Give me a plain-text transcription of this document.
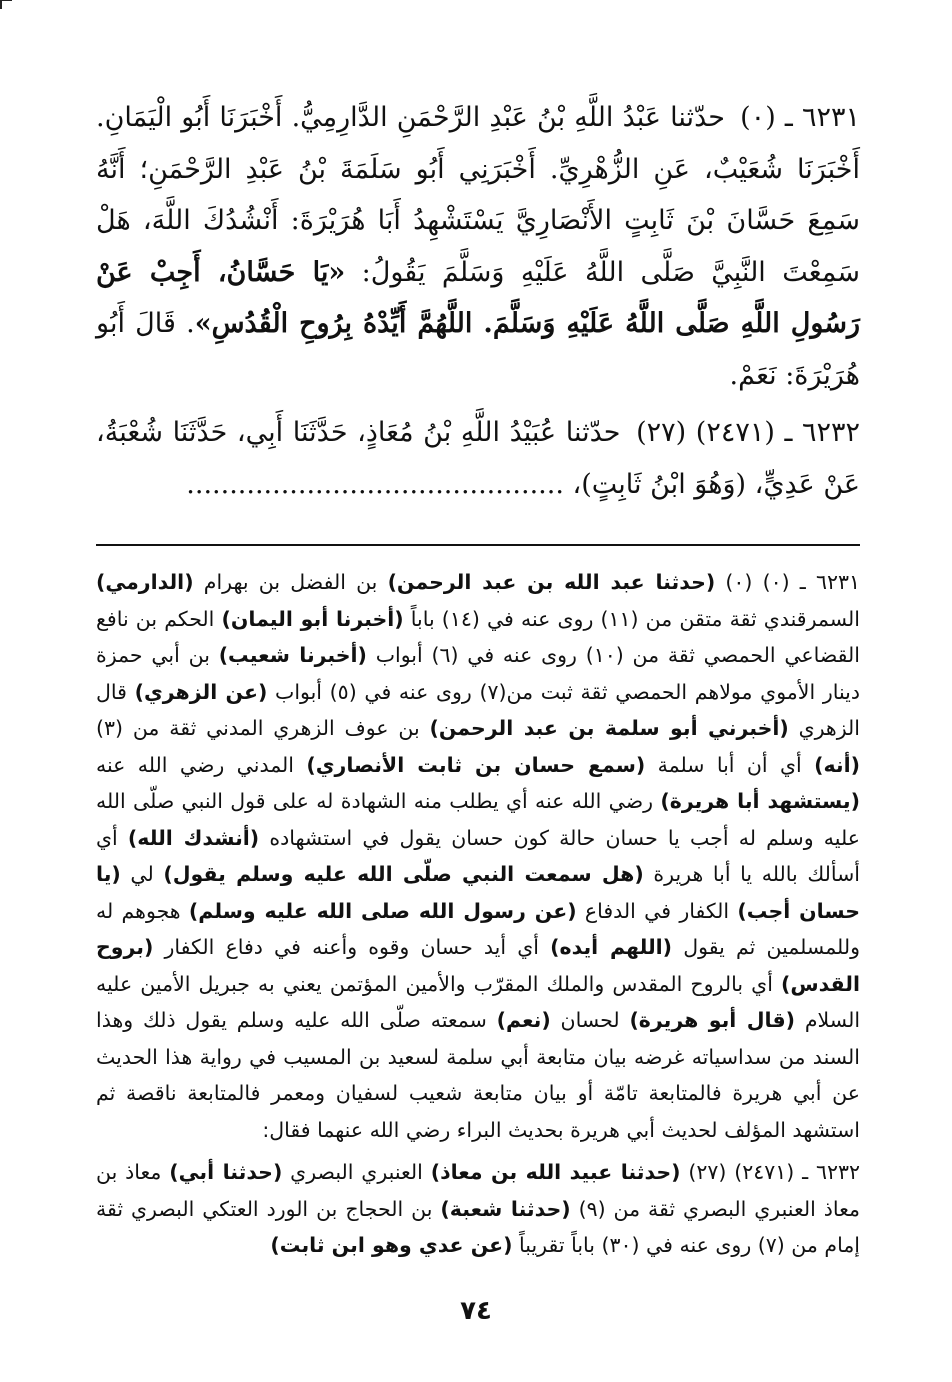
٦٢٣١ ـ (٠) حدّثنا عَبْدُ اللَّهِ بْنُ عَبْدِ الرَّحْمَنِ الدَّارِمِيُّ. أَخْبَرَنَا أَبُو الْيَمَانِ. أَخْبَرَنَا شُعَيْبٌ، عَنِ الزُّهْرِيِّ. أَخْبَرَنِي أَبُو سَلَمَةَ بْنُ عَبْدِ الرَّحْمَنِ؛ أَنَّهُ سَمِعَ حَسَّانَ بْنَ ثَابِتٍ الأَنْصَارِيَّ يَسْتَشْهِدُ أَبَا هُرَيْرَةَ: أَنْشُدُكَ اللَّهَ، هَلْ سَمِعْتَ النَّبِيَّ صَلَّى اللَّهُ عَلَيْهِ وَسَلَّمَ يَقُولُ: «يَا حَسَّانُ، أَجِبْ عَنْ رَسُولِ اللَّهِ صَلَّى اللَّهُ عَلَيْهِ وَسَلَّمَ. اللَّهُمَّ أَيِّدْهُ بِرُوحِ الْقُدُسِ». قَالَ أَبُو هُرَيْرَةَ: نَعَمْ.

٦٢٣٢ ـ (٢٤٧١) (٢٧) حدّثنا عُبَيْدُ اللَّهِ بْنُ مُعَاذٍ، حَدَّثَنَا أَبِي، حَدَّثَنَا شُعْبَةُ، عَنْ عَدِيٍّ، (وَهُوَ ابْنُ ثَابِتٍ)، ............................................

٦٢٣١ ـ (٠) (٠) (حدثنا عبد الله بن عبد الرحمن) بن الفضل بن بهرام (الدارمي) السمرقندي ثقة متقن من (١١) روى عنه في (١٤) باباً (أخبرنا أبو اليمان) الحكم بن نافع القضاعي الحمصي ثقة من (١٠) روى عنه في (٦) أبواب (أخبرنا شعيب) بن أبي حمزة دينار الأموي مولاهم الحمصي ثقة ثبت من(٧) روى عنه في (٥) أبواب (عن الزهري) قال الزهري (أخبرني أبو سلمة بن عبد الرحمن) بن عوف الزهري المدني ثقة من (٣) (أنه) أي أن أبا سلمة (سمع حسان بن ثابت الأنصاري) المدني رضي الله عنه (يستشهد أبا هريرة) رضي الله عنه أي يطلب منه الشهادة له على قول النبي صلّى الله عليه وسلم له أجب يا حسان حالة كون حسان يقول في استشهاده (أنشدك الله) أي أسألك بالله يا أبا هريرة (هل سمعت النبي صلّى الله عليه وسلم يقول) لي (يا حسان أجب) الكفار في الدفاع (عن رسول الله صلى الله عليه وسلم) هجوهم له وللمسلمين ثم يقول (اللهم أيده) أي أيد حسان وقوه وأعنه في دفاع الكفار (بروح القدس) أي بالروح المقدس والملك المقرّب والأمين المؤتمن يعني به جبريل الأمين عليه السلام (قال أبو هريرة) لحسان (نعم) سمعته صلّى الله عليه وسلم يقول ذلك وهذا السند من سداسياته غرضه بيان متابعة أبي سلمة لسعيد بن المسيب في رواية هذا الحديث عن أبي هريرة فالمتابعة تامّة أو بيان متابعة شعيب لسفيان ومعمر فالمتابعة ناقصة ثم استشهد المؤلف لحديث أبي هريرة بحديث البراء رضي الله عنهما فقال:

٦٢٣٢ ـ (٢٤٧١) (٢٧) (حدثنا عبيد الله بن معاذ) العنبري البصري (حدثنا أبي) معاذ بن معاذ العنبري البصري ثقة من (٩) (حدثنا شعبة) بن الحجاج بن الورد العتكي البصري ثقة إمام من (٧) روى عنه في (٣٠) باباً تقريباً (عن عدي وهو ابن ثابت)

٧٤
